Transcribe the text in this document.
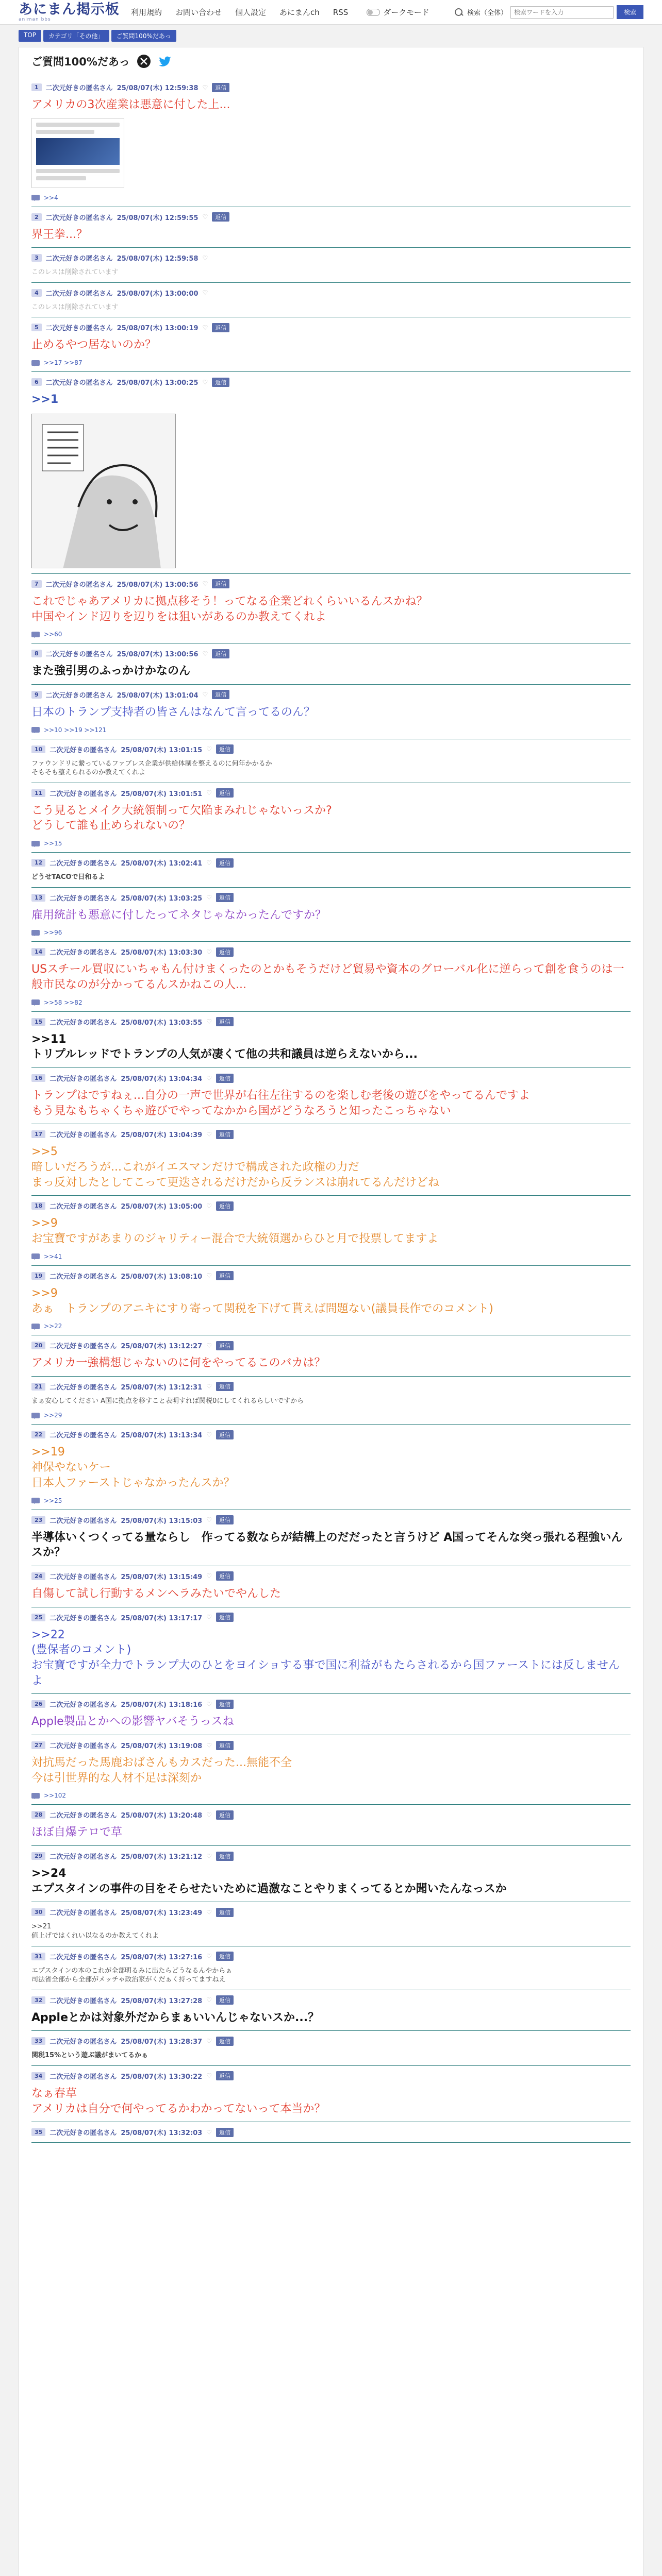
あにまん掲示板
animan bbs
利用規約 お問い合わせ 個人設定 あにまんch RSS	ダークモード	検索（全体）
検索ワードを入力	検索
TOP	カテゴリ「その他」	ご質問100%だあっ
ご質問100%だあっ
1	二次元好きの匿名さん 25/08/07(木) 12:59:38 ♡	返信
アメリカの3次産業は悪意に付した上...
>>4
2	二次元好きの匿名さん 25/08/07(木) 12:59:55 ♡	返信
界王拳...？
3	二次元好きの匿名さん 25/08/07(木) 12:59:58 ♡
このレスは削除されています
4	二次元好きの匿名さん 25/08/07(木) 13:00:00 ♡
このレスは削除されています
5	二次元好きの匿名さん 25/08/07(木) 13:00:19 ♡	返信
止めるやつ居ないのか？
>>17 >>87
6	二次元好きの匿名さん 25/08/07(木) 13:00:25 ♡	返信
>>1
7	二次元好きの匿名さん 25/08/07(木) 13:00:56 ♡	返信
これでじゃあアメリカに拠点移そう！ってなる企業どれくらいいるんスかね？
中国やインド辺りを辺りをは狙いがあるのか教えてくれよ
>>60
8	二次元好きの匿名さん 25/08/07(木) 13:00:56 ♡	返信
また強引男のふっかけかなのん
9	二次元好きの匿名さん 25/08/07(木) 13:01:04 ♡	返信
日本のトランプ支持者の皆さんはなんて言ってるのん？
>>10 >>19 >>121
10	二次元好きの匿名さん 25/08/07(木) 13:01:15 ♡	返信
ファウンドリに繋っているファブレス企業が供給体制を整えるのに何年かかるか
そもそも整えられるのか教えてくれよ
11	二次元好きの匿名さん 25/08/07(木) 13:01:51 ♡	返信
こう見るとメイク大統領制って欠陥まみれじゃないっスか?
どうして誰も止められないの？
>>15
12	二次元好きの匿名さん 25/08/07(木) 13:02:41 ♡	返信
どうせTACOで日和るよ
13	二次元好きの匿名さん 25/08/07(木) 13:03:25 ♡	返信
雇用統計も悪意に付したってネタじゃなかったんですか？
>>96
14	二次元好きの匿名さん 25/08/07(木) 13:03:30 ♡	返信
USスチール買収にいちゃもん付けまくったのとかもそうだけど貿易や資本のグローバル化に逆らって創を食うのは一般市民なのが分かってるんスかねこの人...
>>58 >>82
15	二次元好きの匿名さん 25/08/07(木) 13:03:55 ♡	返信
>>11
トリプルレッドでトランプの人気が凄くて他の共和議員は逆らえないから...
16	二次元好きの匿名さん 25/08/07(木) 13:04:34 ♡	返信
トランプはですねぇ...自分の一声で世界が右往左往するのを楽しむ老後の遊びをやってるんですよ
もう見なもちゃくちゃ遊びでやってなかから国がどうなろうと知ったこっちゃない
17	二次元好きの匿名さん 25/08/07(木) 13:04:39 ♡	返信
>>5
暗しいだろうが...これがイエスマンだけで構成された政権の力だ
まっ反対したとしてこって更迭されるだけだから反ランスは崩れてるんだけどね
18	二次元好きの匿名さん 25/08/07(木) 13:05:00 ♡	返信
>>9
お宝寶ですがあまりのジャリティー混合で大統領選からひと月で投票してますよ
>>41
19	二次元好きの匿名さん 25/08/07(木) 13:08:10 ♡	返信
>>9
あぁ　トランプのアニキにすり寄って関税を下げて貰えば問題ない(議員長作でのコメント)
>>22
20	二次元好きの匿名さん 25/08/07(木) 13:12:27 ♡	返信
アメリカ一強構想じゃないのに何をやってるこのバカは？
21	二次元好きの匿名さん 25/08/07(木) 13:12:31 ♡	返信
まぁ安心してください A国に拠点を移すこと表明すれば関税0にしてくれるらしいですから
>>29
22	二次元好きの匿名さん 25/08/07(木) 13:13:34 ♡	返信
>>19
神保やないケー
日本人ファーストじゃなかったんスか？
>>25
23	二次元好きの匿名さん 25/08/07(木) 13:15:03 ♡	返信
半導体いくつくってる量ならし　作ってる数ならが結構上のだだったと言うけど A国ってそんな突っ張れる程強いんスか？
24	二次元好きの匿名さん 25/08/07(木) 13:15:49 ♡	返信
自傷して試し行動するメンヘラみたいでやんした
25	二次元好きの匿名さん 25/08/07(木) 13:17:17 ♡	返信
>>22
(豊保者のコメント)
お宝寶ですが全力でトランプ大のひとをヨイショする事で国に利益がもたらされるから国ファーストには反しませんよ
26	二次元好きの匿名さん 25/08/07(木) 13:18:16 ♡	返信
Apple製品とかへの影響ヤバそうっスね
27	二次元好きの匿名さん 25/08/07(木) 13:19:08 ♡	返信
対抗馬だった馬鹿おばさんもカスだった...無能不全
今は引世界的な人材不足は深刻か
>>102
28	二次元好きの匿名さん 25/08/07(木) 13:20:48 ♡	返信
ほぼ自爆テロで草
29	二次元好きの匿名さん 25/08/07(木) 13:21:12 ♡	返信
>>24
エプスタインの事件の目をそらせたいために過激なことやりまくってるとか聞いたんなっスか
30	二次元好きの匿名さん 25/08/07(木) 13:23:49 ♡	返信
>>21
値上げではくれい以なるのか教えてくれよ
31	二次元好きの匿名さん 25/08/07(木) 13:27:16 ♡	返信
エプスタインの本のこれが全部明るみに出たらどうなるんやからぁ
司法省全部から全部がメッチゃ政治家がくだぁく持ってますねえ
32	二次元好きの匿名さん 25/08/07(木) 13:27:28 ♡	返信
Appleとかは対象外だからまぁいいんじゃないスか...？
33	二次元好きの匿名さん 25/08/07(木) 13:28:37 ♡	返信
関税15%という遊ぶ議がまいてるかぁ
34	二次元好きの匿名さん 25/08/07(木) 13:30:22 ♡	返信
なぁ春草
アメリカは自分で何やってるかわかってないって本当か？
35	二次元好きの匿名さん 25/08/07(木) 13:32:03 ♡	返信
